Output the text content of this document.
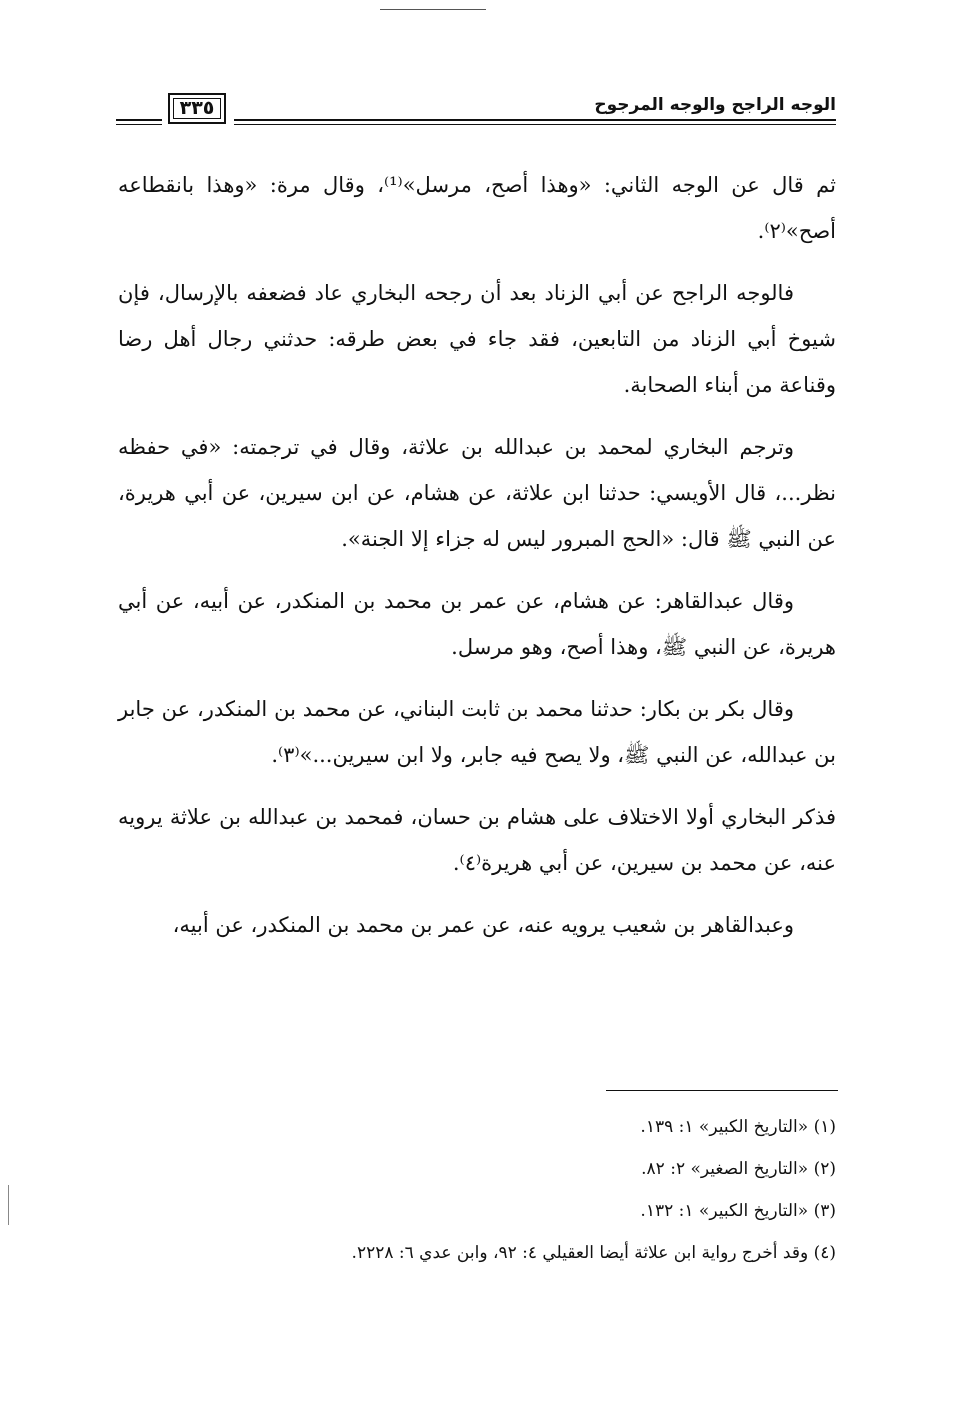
الوجه الراجح والوجه المرجوح
٣٣٥

ثم قال عن الوجه الثاني: «وهذا أصح، مرسل»⁽¹⁾، وقال مرة: «وهذا بانقطاعه أصح»⁽٢⁾.

فالوجه الراجح عن أبي الزناد بعد أن رجحه البخاري عاد فضعفه بالإرسال، فإن شيوخ أبي الزناد من التابعين، فقد جاء في بعض طرقه: حدثني رجال أهل رضا وقناعة من أبناء الصحابة.

وترجم البخاري لمحمد بن عبدالله بن علاثة، وقال في ترجمته: «في حفظه نظر...، قال الأويسي: حدثنا ابن علاثة، عن هشام، عن ابن سيرين، عن أبي هريرة، عن النبي ﷺ قال: «الحج المبرور ليس له جزاء إلا الجنة».

وقال عبدالقاهر: عن هشام، عن عمر بن محمد بن المنكدر، عن أبيه، عن أبي هريرة، عن النبي ﷺ، وهذا أصح، وهو مرسل.

وقال بكر بن بكار: حدثنا محمد بن ثابت البناني، عن محمد بن المنكدر، عن جابر بن عبدالله، عن النبي ﷺ، ولا يصح فيه جابر، ولا ابن سيرين...»⁽٣⁾.

فذكر البخاري أولا الاختلاف على هشام بن حسان، فمحمد بن عبدالله بن علاثة يرويه عنه، عن محمد بن سيرين، عن أبي هريرة⁽٤⁾.

وعبدالقاهر بن شعيب يرويه عنه، عن عمر بن محمد بن المنكدر، عن أبيه،

(١) «التاريخ الكبير» ١: ١٣٩.

(٢) «التاريخ الصغير» ٢: ٨٢.

(٣) «التاريخ الكبير» ١: ١٣٢.

(٤) وقد أخرج رواية ابن علاثة أيضا العقيلي ٤: ٩٢، وابن عدي ٦: ٢٢٢٨.
